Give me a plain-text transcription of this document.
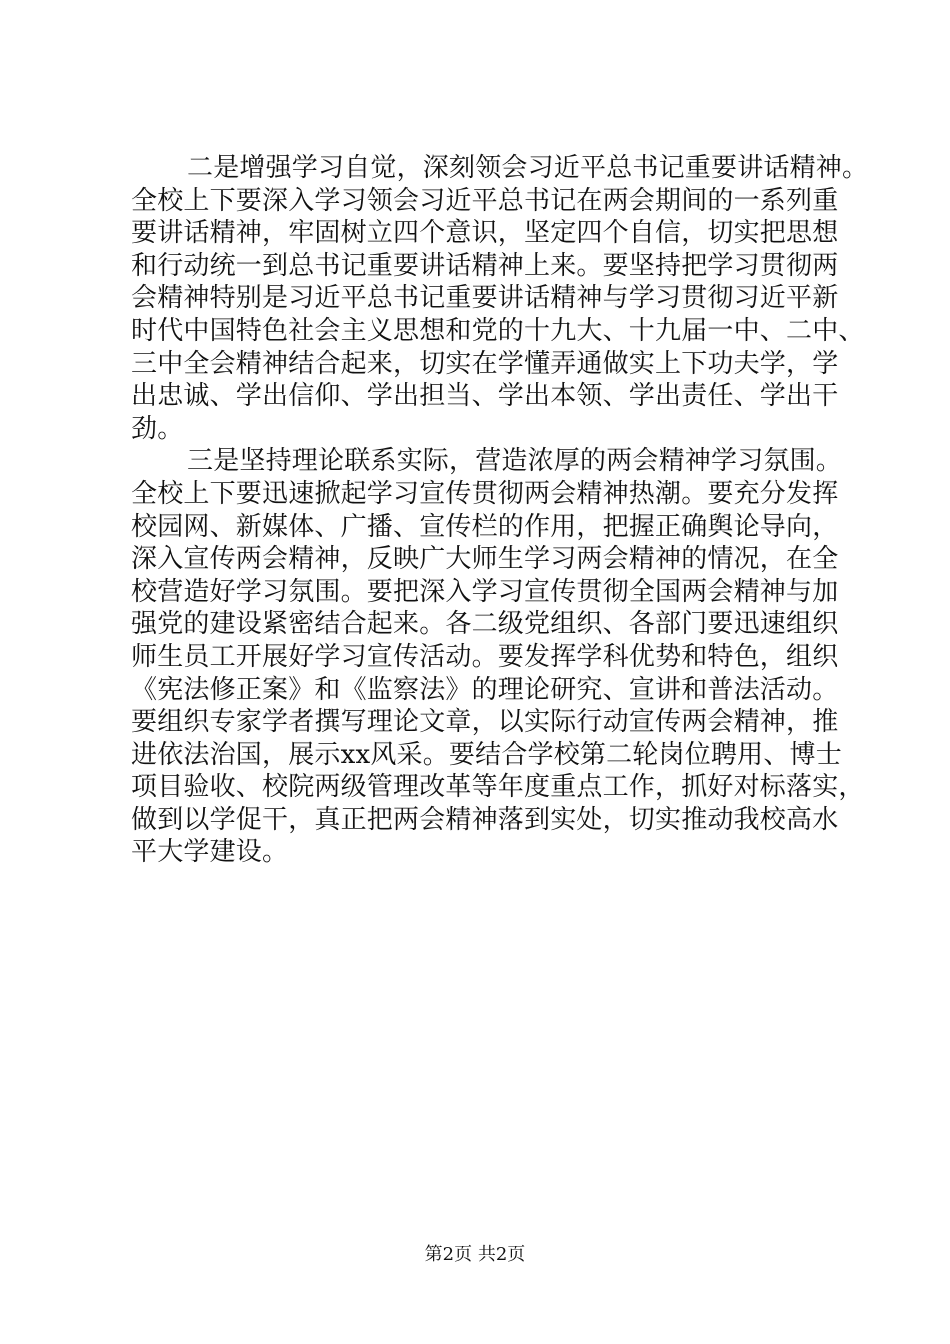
二是增强学习自觉，深刻领会习近平总书记重要讲话精神。
全校上下要深入学习领会习近平总书记在两会期间的一系列重
要讲话精神，牢固树立四个意识，坚定四个自信，切实把思想
和行动统一到总书记重要讲话精神上来。要坚持把学习贯彻两
会精神特别是习近平总书记重要讲话精神与学习贯彻习近平新
时代中国特色社会主义思想和党的十九大、十九届一中、二中、
三中全会精神结合起来，切实在学懂弄通做实上下功夫学，学
出忠诚、学出信仰、学出担当、学出本领、学出责任、学出干
劲。
三是坚持理论联系实际，营造浓厚的两会精神学习氛围。
全校上下要迅速掀起学习宣传贯彻两会精神热潮。要充分发挥
校园网、新媒体、广播、宣传栏的作用，把握正确舆论导向，
深入宣传两会精神，反映广大师生学习两会精神的情况，在全
校营造好学习氛围。要把深入学习宣传贯彻全国两会精神与加
强党的建设紧密结合起来。各二级党组织、各部门要迅速组织
师生员工开展好学习宣传活动。要发挥学科优势和特色，组织
《宪法修正案》和《监察法》的理论研究、宣讲和普法活动。
要组织专家学者撰写理论文章，以实际行动宣传两会精神，推
进依法治国，展示xx风采。要结合学校第二轮岗位聘用、博士
项目验收、校院两级管理改革等年度重点工作，抓好对标落实，
做到以学促干，真正把两会精神落到实处，切实推动我校高水
平大学建设。
第2页 共2页
